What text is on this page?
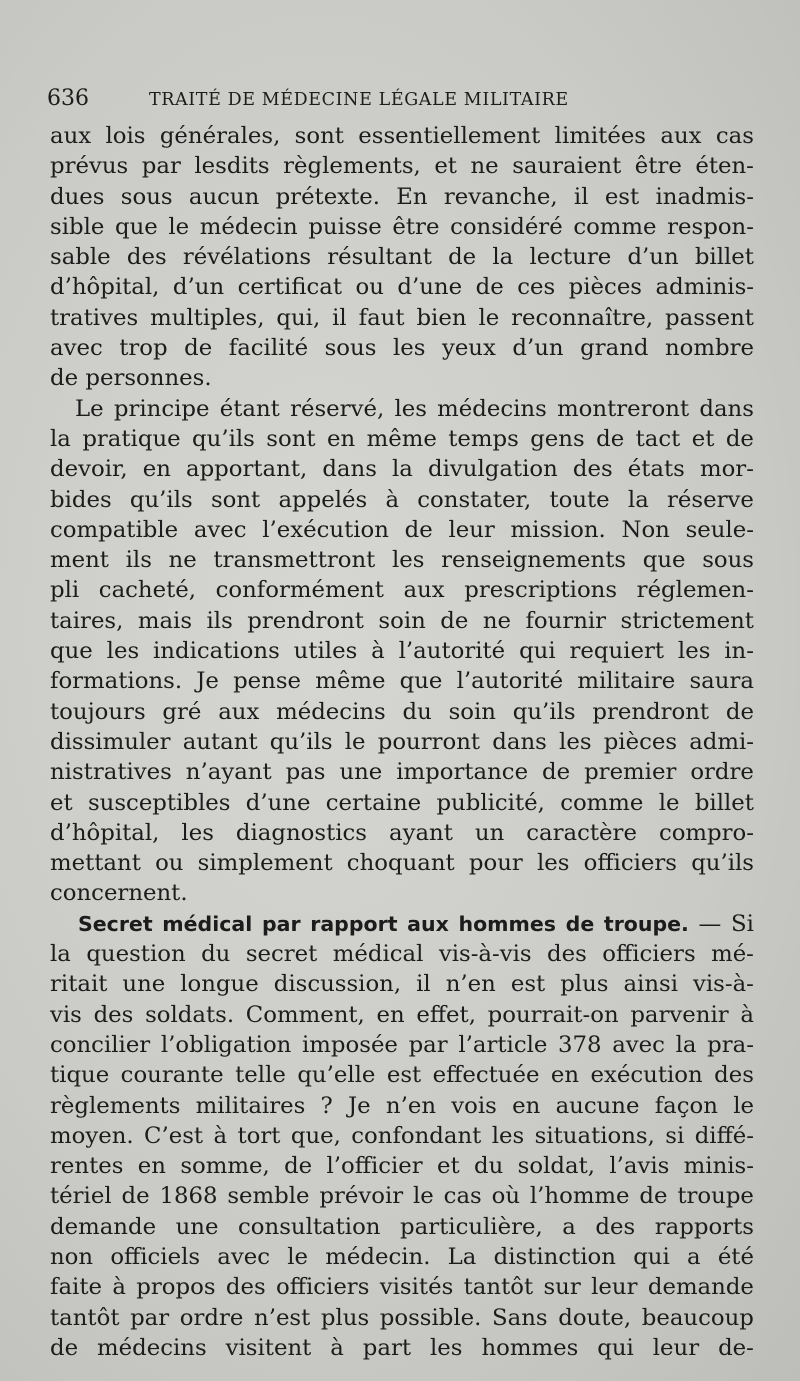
636	TRAITÉ DE MÉDECINE LÉGALE MILITAIRE
aux lois générales, sont essentiellement limitées aux cas
prévus par lesdits règlements, et ne sauraient être éten-
dues sous aucun prétexte. En revanche, il est inadmis-
sible que le médecin puisse être considéré comme respon-
sable des révélations résultant de la lecture d’un billet
d’hôpital, d’un certificat ou d’une de ces pièces adminis-
tratives multiples, qui, il faut bien le reconnaître, passent
avec trop de facilité sous les yeux d’un grand nombre
de personnes.
Le principe étant réservé, les médecins montreront dans
la pratique qu’ils sont en même temps gens de tact et de
devoir, en apportant, dans la divulgation des états mor-
bides qu’ils sont appelés à constater, toute la réserve
compatible avec l’exécution de leur mission. Non seule-
ment ils ne transmettront les renseignements que sous
pli cacheté, conformément aux prescriptions réglemen-
taires, mais ils prendront soin de ne fournir strictement
que les indications utiles à l’autorité qui requiert les in-
formations. Je pense même que l’autorité militaire saura
toujours gré aux médecins du soin qu’ils prendront de
dissimuler autant qu’ils le pourront dans les pièces admi-
nistratives n’ayant pas une importance de premier ordre
et susceptibles d’une certaine publicité, comme le billet
d’hôpital, les diagnostics ayant un caractère compro-
mettant ou simplement choquant pour les officiers qu’ils
concernent.
Secret médical par rapport aux hommes de troupe. — Si
la question du secret médical vis-à-vis des officiers mé-
ritait une longue discussion, il n’en est plus ainsi vis-à-
vis des soldats. Comment, en effet, pourrait-on parvenir à
concilier l’obligation imposée par l’article 378 avec la pra-
tique courante telle qu’elle est effectuée en exécution des
règlements militaires ? Je n’en vois en aucune façon le
moyen. C’est à tort que, confondant les situations, si diffé-
rentes en somme, de l’officier et du soldat, l’avis minis-
tériel de 1868 semble prévoir le cas où l’homme de troupe
demande une consultation particulière, a des rapports
non officiels avec le médecin. La distinction qui a été
faite à propos des officiers visités tantôt sur leur demande
tantôt par ordre n’est plus possible. Sans doute, beaucoup
de médecins visitent à part les hommes qui leur de-
